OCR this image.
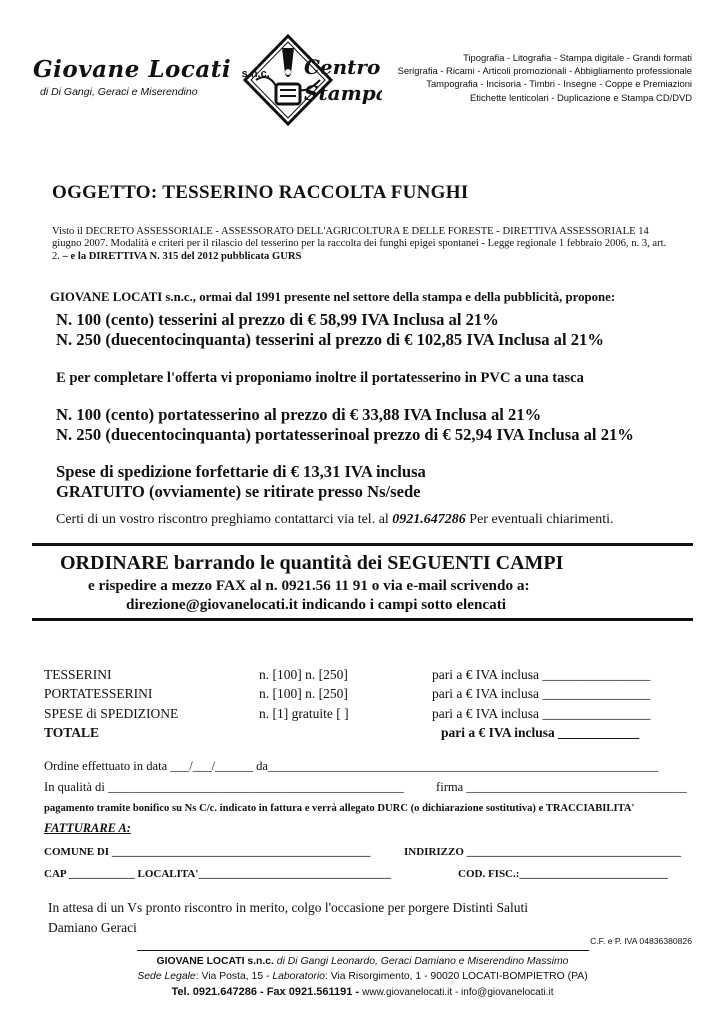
Giovane Locati s.n.c.
di Di Gangi, Geraci e Miserendino
Centro
Stampa
Tipografia - Litografia - Stampa digitale - Grandi formati
Serigrafia - Ricami - Articoli promozionali - Abbigliamento professionale
Tampografia - Incisoria - Timbri - Insegne - Coppe e Premiazioni
Etichette lenticolari - Duplicazione e Stampa CD/DVD
OGGETTO: TESSERINO RACCOLTA FUNGHI
Visto il DECRETO ASSESSORIALE - ASSESSORATO DELL'AGRICOLTURA E DELLE FORESTE - DIRETTIVA ASSESSORIALE 14 giugno 2007. Modalità e criteri per il rilascio del tesserino per la raccolta dei funghi epigei spontanei - Legge regionale 1 febbraio 2006, n. 3, art. 2. – e la DIRETTIVA N. 315 del 2012 pubblicata GURS
GIOVANE LOCATI s.n.c., ormai dal 1991 presente nel settore della stampa e della pubblicità, propone:
N. 100 (cento) tesserini al prezzo di € 58,99 IVA Inclusa al 21%
N. 250 (duecentocinquanta) tesserini al prezzo di € 102,85 IVA Inclusa al 21%
E per completare l'offerta vi proponiamo inoltre il portatesserino in PVC a una tasca
N. 100 (cento) portatesserino al prezzo di € 33,88 IVA Inclusa al 21%
N. 250 (duecentocinquanta) portatesserinoal prezzo di € 52,94 IVA Inclusa al 21%
Spese di spedizione forfettarie di € 13,31 IVA inclusa
GRATUITO (ovviamente) se ritirate presso Ns/sede
Certi di un vostro riscontro preghiamo contattarci via tel. al 0921.647286 Per eventuali chiarimenti.
ORDINARE barrando le quantità dei SEGUENTI CAMPI
e rispedire a mezzo FAX al n. 0921.56 11 91 o via e-mail scrivendo a:
direzione@giovanelocati.it indicando i campi sotto elencati
TESSERINI	n. [100] n. [250]	pari a € IVA inclusa ________________
PORTATESSERINI	n. [100] n. [250]	pari a € IVA inclusa ________________
SPESE di SPEDIZIONE	n. [1] gratuite [ ]	pari a € IVA inclusa ________________
TOTALE	pari a € IVA inclusa ____________
Ordine effettuato in data ___/___/______ da______________________________________________________________
In qualità di _______________________________________________	firma ___________________________________
pagamento tramite bonifico su Ns C/c. indicato in fattura e verrà allegato DURC (o dichiarazione sostitutiva) e TRACCIABILITA'
FATTURARE A:
COMUNE DI _______________________________________________	INDIRIZZO _______________________________________
CAP ____________ LOCALITA'___________________________________	COD. FISC.:___________________________
In attesa di un Vs pronto riscontro in merito, colgo l'occasione per porgere Distinti Saluti
Damiano Geraci
C.F. e P. IVA 04836380826
GIOVANE LOCATI s.n.c. di Di Gangi Leonardo, Geraci Damiano e Miserendino Massimo
Sede Legale: Via Posta, 15 - Laboratorio: Via Risorgimento, 1 - 90020 LOCATI-BOMPIETRO (PA)
Tel. 0921.647286 - Fax 0921.561191 - www.giovanelocati.it - info@giovanelocati.it
